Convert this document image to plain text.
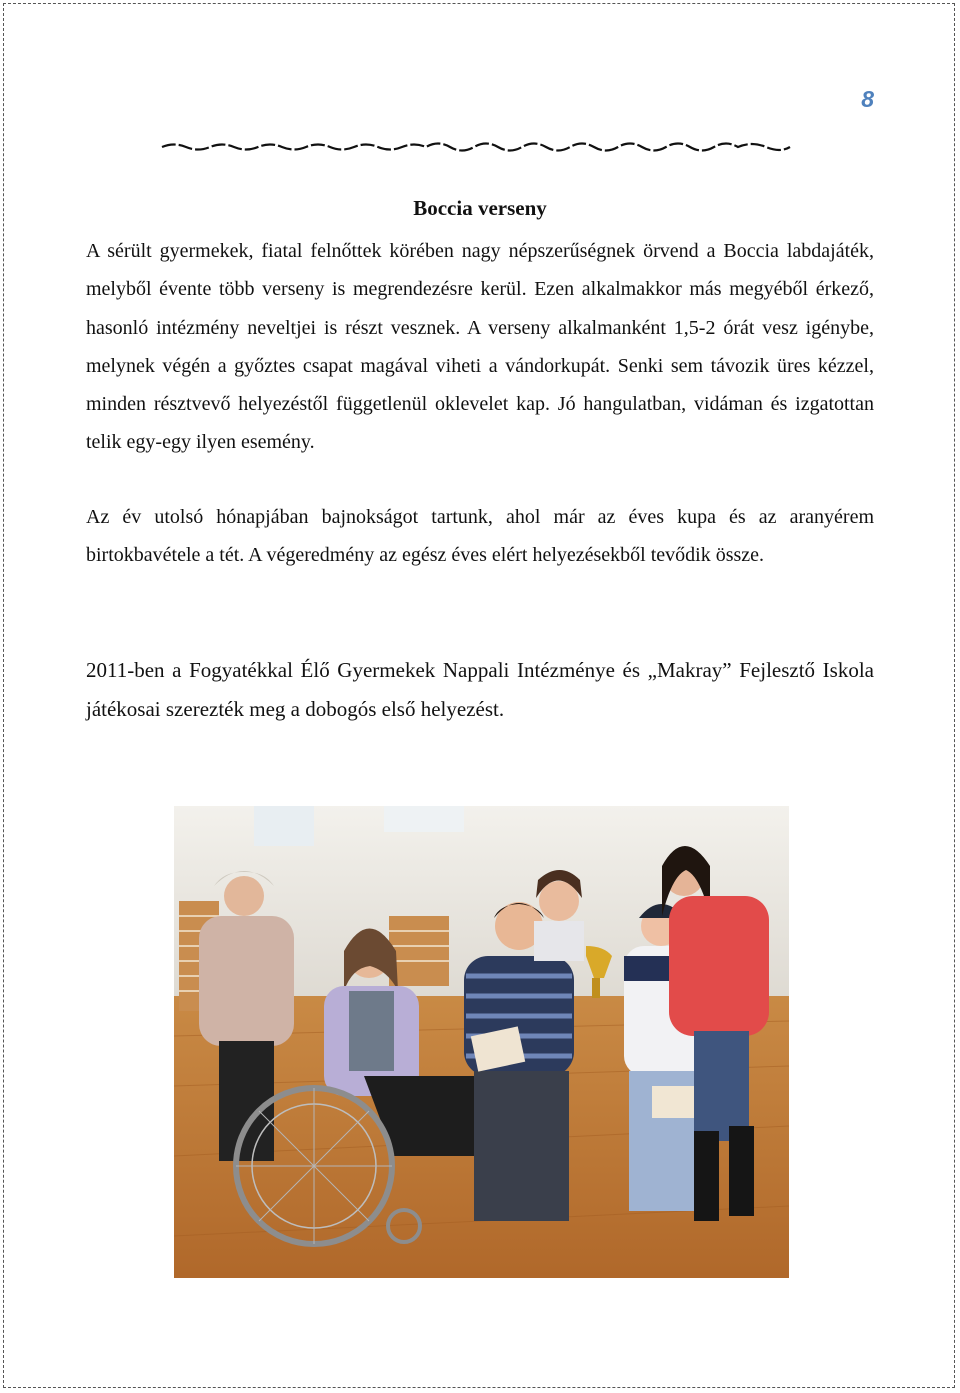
8
Boccia verseny

A sérült gyermekek, fiatal felnőttek körében nagy népszerűségnek örvend a Boccia labdajáték, melyből évente több verseny is megrendezésre kerül. Ezen alkalmakkor más megyéből érkező, hasonló intézmény neveltjei is részt vesznek. A verseny alkalmanként 1,5-2 órát vesz igénybe, melynek végén a győztes csapat magával viheti a vándorkupát. Senki sem távozik üres kézzel, minden résztvevő helyezéstől függetlenül oklevelet kap. Jó hangulatban, vidáman és izgatottan telik egy-egy ilyen esemény.

Az év utolsó hónapjában bajnokságot tartunk, ahol már az éves kupa és az aranyérem birtokbavétele a tét. A végeredmény az egész éves elért helyezésekből tevődik össze.

2011-ben a Fogyatékkal Élő Gyermekek Nappali Intézménye és „Makray” Fejlesztő Iskola játékosai szerezték meg a dobogós első helyezést.
